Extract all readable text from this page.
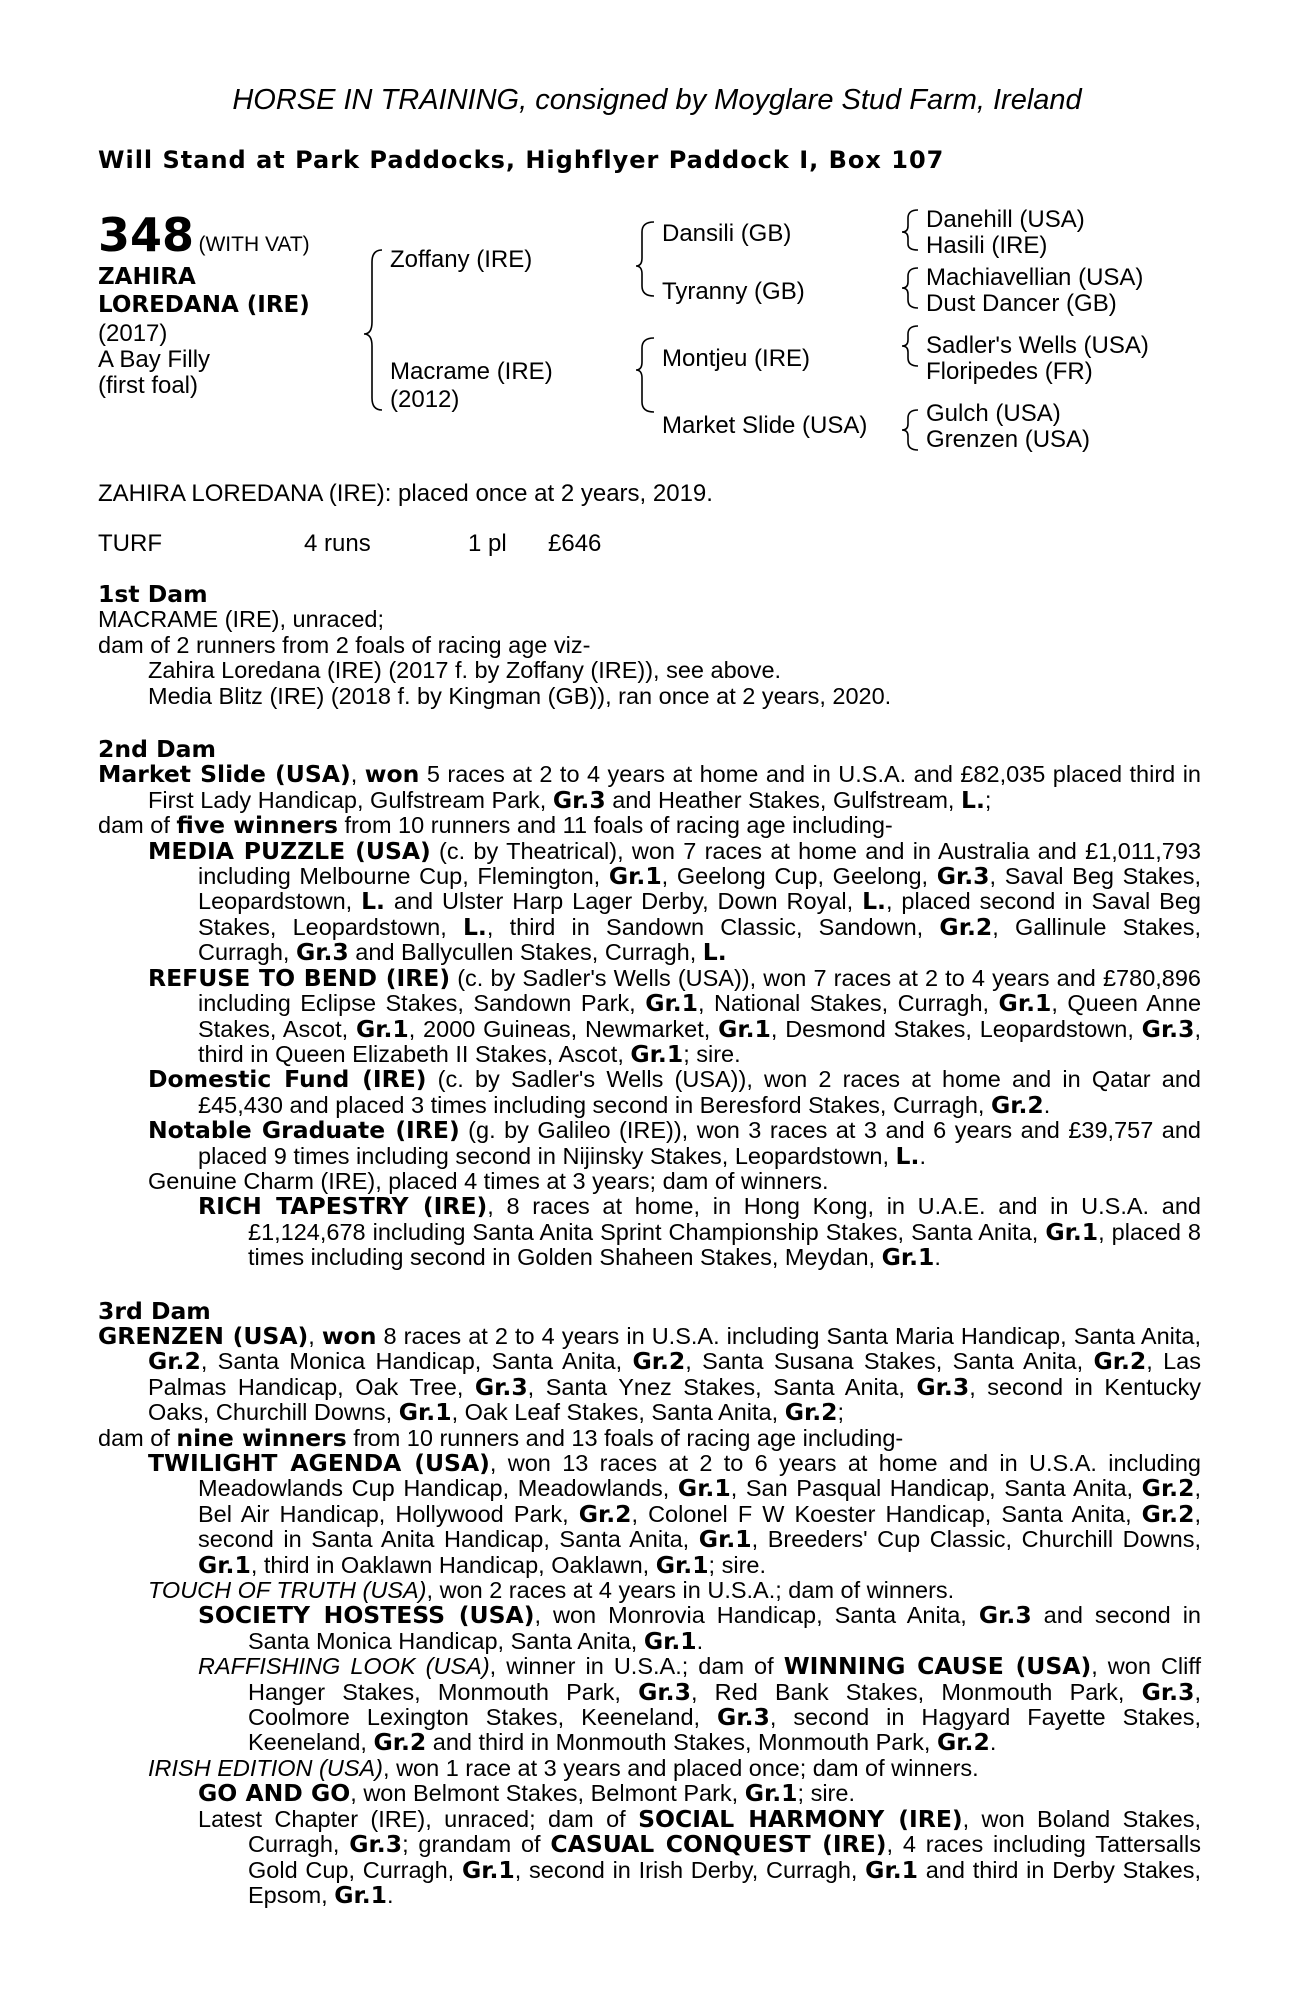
HORSE IN TRAINING, consigned by Moyglare Stud Farm, Ireland
Will Stand at Park Paddocks, Highflyer Paddock I, Box 107
348 (WITH VAT)
ZAHIRA
LOREDANA (IRE)
(2017)
A Bay Filly
(first foal)
Zoffany (IRE)
Macrame (IRE)
(2012)
Dansili (GB)
Tyranny (GB)
Montjeu (IRE)
Market Slide (USA)
Danehill (USA)
Hasili (IRE)
Machiavellian (USA)
Dust Dancer (GB)
Sadler's Wells (USA)
Floripedes (FR)
Gulch (USA)
Grenzen (USA)
ZAHIRA LOREDANA (IRE): placed once at 2 years, 2019.
TURF	4 runs	1 pl £646

1st Dam

MACRAME (IRE), unraced;

dam of 2 runners from 2 foals of racing age viz-

Zahira Loredana (IRE) (2017 f. by Zoffany (IRE)), see above.

Media Blitz (IRE) (2018 f. by Kingman (GB)), ran once at 2 years, 2020.

2nd Dam

Market Slide (USA), won 5 races at 2 to 4 years at home and in U.S.A. and £82,035 placed third in First Lady Handicap, Gulfstream Park, Gr.3 and Heather Stakes, Gulfstream, L.;

dam of five winners from 10 runners and 11 foals of racing age including-

MEDIA PUZZLE (USA) (c. by Theatrical), won 7 races at home and in Australia and £1,011,793 including Melbourne Cup, Flemington, Gr.1, Geelong Cup, Geelong, Gr.3, Saval Beg Stakes, Leopardstown, L. and Ulster Harp Lager Derby, Down Royal, L., placed second in Saval Beg Stakes, Leopardstown, L., third in Sandown Classic, Sandown, Gr.2, Gallinule Stakes, Curragh, Gr.3 and Ballycullen Stakes, Curragh, L.

REFUSE TO BEND (IRE) (c. by Sadler's Wells (USA)), won 7 races at 2 to 4 years and £780,896 including Eclipse Stakes, Sandown Park, Gr.1, National Stakes, Curragh, Gr.1, Queen Anne Stakes, Ascot, Gr.1, 2000 Guineas, Newmarket, Gr.1, Desmond Stakes, Leopardstown, Gr.3, third in Queen Elizabeth II Stakes, Ascot, Gr.1; sire.

Domestic Fund (IRE) (c. by Sadler's Wells (USA)), won 2 races at home and in Qatar and £45,430 and placed 3 times including second in Beresford Stakes, Curragh, Gr.2.

Notable Graduate (IRE) (g. by Galileo (IRE)), won 3 races at 3 and 6 years and £39,757 and placed 9 times including second in Nijinsky Stakes, Leopardstown, L..

Genuine Charm (IRE), placed 4 times at 3 years; dam of winners.

RICH TAPESTRY (IRE), 8 races at home, in Hong Kong, in U.A.E. and in U.S.A. and £1,124,678 including Santa Anita Sprint Championship Stakes, Santa Anita, Gr.1, placed 8 times including second in Golden Shaheen Stakes, Meydan, Gr.1.

3rd Dam

GRENZEN (USA), won 8 races at 2 to 4 years in U.S.A. including Santa Maria Handicap, Santa Anita, Gr.2, Santa Monica Handicap, Santa Anita, Gr.2, Santa Susana Stakes, Santa Anita, Gr.2, Las Palmas Handicap, Oak Tree, Gr.3, Santa Ynez Stakes, Santa Anita, Gr.3, second in Kentucky Oaks, Churchill Downs, Gr.1, Oak Leaf Stakes, Santa Anita, Gr.2;

dam of nine winners from 10 runners and 13 foals of racing age including-

TWILIGHT AGENDA (USA), won 13 races at 2 to 6 years at home and in U.S.A. including Meadowlands Cup Handicap, Meadowlands, Gr.1, San Pasqual Handicap, Santa Anita, Gr.2, Bel Air Handicap, Hollywood Park, Gr.2, Colonel F W Koester Handicap, Santa Anita, Gr.2, second in Santa Anita Handicap, Santa Anita, Gr.1, Breeders' Cup Classic, Churchill Downs, Gr.1, third in Oaklawn Handicap, Oaklawn, Gr.1; sire.

TOUCH OF TRUTH (USA), won 2 races at 4 years in U.S.A.; dam of winners.

SOCIETY HOSTESS (USA), won Monrovia Handicap, Santa Anita, Gr.3 and second in Santa Monica Handicap, Santa Anita, Gr.1.

RAFFISHING LOOK (USA), winner in U.S.A.; dam of WINNING CAUSE (USA), won Cliff Hanger Stakes, Monmouth Park, Gr.3, Red Bank Stakes, Monmouth Park, Gr.3, Coolmore Lexington Stakes, Keeneland, Gr.3, second in Hagyard Fayette Stakes, Keeneland, Gr.2 and third in Monmouth Stakes, Monmouth Park, Gr.2.

IRISH EDITION (USA), won 1 race at 3 years and placed once; dam of winners.

GO AND GO, won Belmont Stakes, Belmont Park, Gr.1; sire.

Latest Chapter (IRE), unraced; dam of SOCIAL HARMONY (IRE), won Boland Stakes, Curragh, Gr.3; grandam of CASUAL CONQUEST (IRE), 4 races including Tattersalls Gold Cup, Curragh, Gr.1, second in Irish Derby, Curragh, Gr.1 and third in Derby Stakes, Epsom, Gr.1.
